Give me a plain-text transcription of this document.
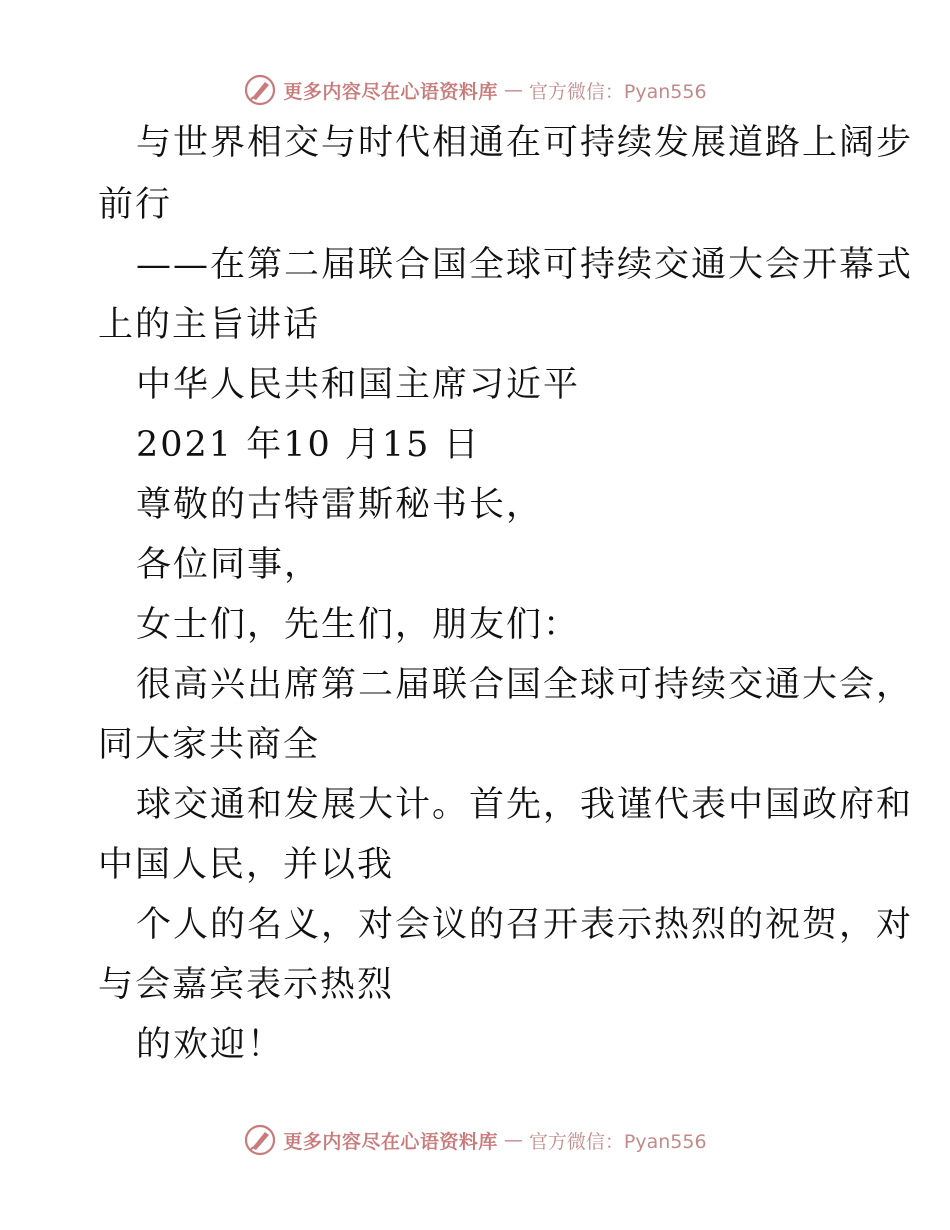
更多内容尽在心语资料库 — 官方微信：Pyan556
与世界相交与时代相通在可持续发展道路上阔步
前行
——在第二届联合国全球可持续交通大会开幕式
上的主旨讲话
中华人民共和国主席习近平
2021 年10 月15 日
尊敬的古特雷斯秘书长，
各位同事，
女士们，先生们，朋友们：
很高兴出席第二届联合国全球可持续交通大会，
同大家共商全
球交通和发展大计。首先，我谨代表中国政府和
中国人民，并以我
个人的名义，对会议的召开表示热烈的祝贺，对
与会嘉宾表示热烈
的欢迎！
更多内容尽在心语资料库 — 官方微信：Pyan556
